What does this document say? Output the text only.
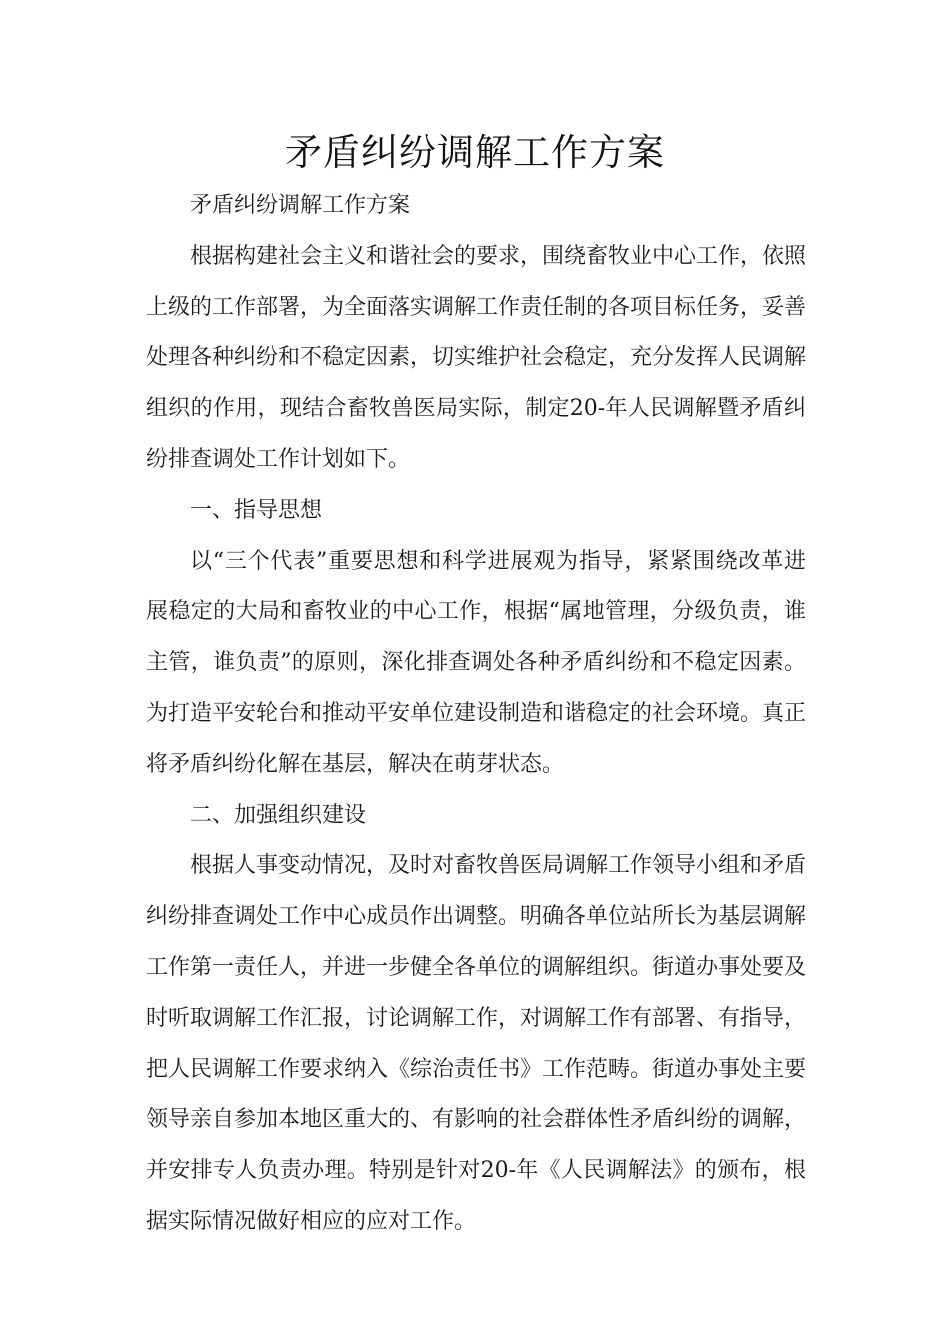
矛盾纠纷调解工作方案

矛盾纠纷调解工作方案

根据构建社会主义和谐社会的要求，围绕畜牧业中心工作，依照上级的工作部署，为全面落实调解工作责任制的各项目标任务，妥善处理各种纠纷和不稳定因素，切实维护社会稳定，充分发挥人民调解组织的作用，现结合畜牧兽医局实际，制定20-年人民调解暨矛盾纠纷排查调处工作计划如下。

一、指导思想

以“三个代表”重要思想和科学进展观为指导，紧紧围绕改革进展稳定的大局和畜牧业的中心工作，根据“属地管理，分级负责，谁主管，谁负责”的原则，深化排查调处各种矛盾纠纷和不稳定因素。为打造平安轮台和推动平安单位建设制造和谐稳定的社会环境。真正将矛盾纠纷化解在基层，解决在萌芽状态。

二、加强组织建设

根据人事变动情况，及时对畜牧兽医局调解工作领导小组和矛盾纠纷排查调处工作中心成员作出调整。明确各单位站所长为基层调解工作第一责任人，并进一步健全各单位的调解组织。街道办事处要及时听取调解工作汇报，讨论调解工作，对调解工作有部署、有指导，把人民调解工作要求纳入《综治责任书》工作范畴。街道办事处主要领导亲自参加本地区重大的、有影响的社会群体性矛盾纠纷的调解，并安排专人负责办理。特别是针对20-年《人民调解法》的颁布，根据实际情况做好相应的应对工作。
